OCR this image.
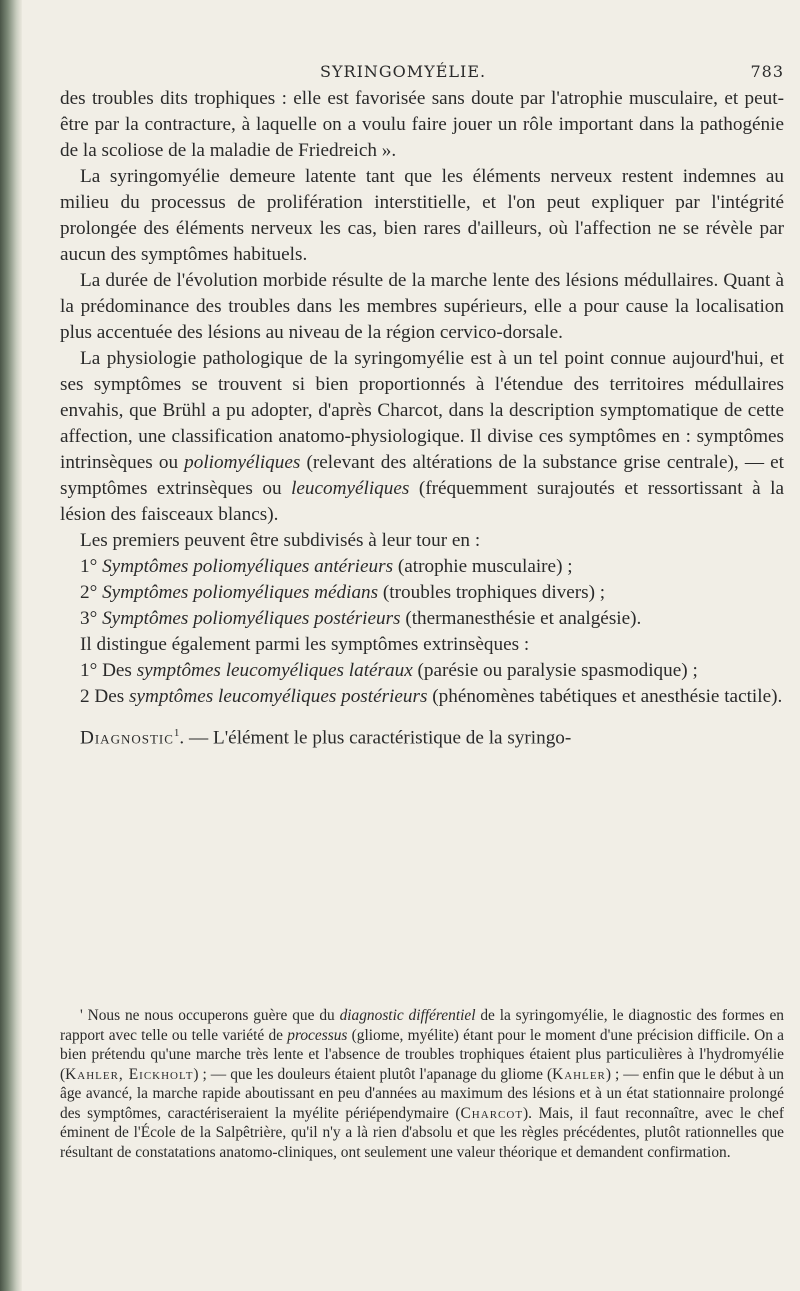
SYRINGOMYÉLIE.	783

des troubles dits trophiques : elle est favorisée sans doute par l'atrophie musculaire, et peut-être par la contracture, à laquelle on a voulu faire jouer un rôle important dans la pathogénie de la scoliose de la maladie de Friedreich ».

La syringomyélie demeure latente tant que les éléments nerveux restent indemnes au milieu du processus de prolifération interstitielle, et l'on peut expliquer par l'intégrité prolongée des éléments nerveux les cas, bien rares d'ailleurs, où l'affection ne se révèle par aucun des symptômes habituels.

La durée de l'évolution morbide résulte de la marche lente des lésions médullaires. Quant à la prédominance des troubles dans les membres supérieurs, elle a pour cause la localisation plus accentuée des lésions au niveau de la région cervico-dorsale.

La physiologie pathologique de la syringomyélie est à un tel point connue aujourd'hui, et ses symptômes se trouvent si bien proportionnés à l'étendue des territoires médullaires envahis, que Brühl a pu adopter, d'après Charcot, dans la description symptomatique de cette affection, une classification anatomo-physiologique. Il divise ces symptômes en : symptômes intrinsèques ou poliomyéliques (relevant des altérations de la substance grise centrale), — et symptômes extrinsèques ou leucomyéliques (fréquemment surajoutés et ressortissant à la lésion des faisceaux blancs).

Les premiers peuvent être subdivisés à leur tour en :

1° Symptômes poliomyéliques antérieurs (atrophie musculaire) ;

2° Symptômes poliomyéliques médians (troubles trophiques divers) ;

3° Symptômes poliomyéliques postérieurs (thermanesthésie et analgésie).

Il distingue également parmi les symptômes extrinsèques :

1° Des symptômes leucomyéliques latéraux (parésie ou paralysie spasmodique) ;

2 Des symptômes leucomyéliques postérieurs (phénomènes tabétiques et anesthésie tactile).

Diagnostic$^1$. — L'élément le plus caractéristique de la syringo-

' Nous ne nous occuperons guère que du diagnostic différentiel de la syringomyélie, le diagnostic des formes en rapport avec telle ou telle variété de processus (gliome, myélite) étant pour le moment d'une précision difficile. On a bien prétendu qu'une marche très lente et l'absence de troubles trophiques étaient plus particulières à l'hydromyélie (Kahler, Eickholt) ; — que les douleurs étaient plutôt l'apanage du gliome (Kahler) ; — enfin que le début à un âge avancé, la marche rapide aboutissant en peu d'années au maximum des lésions et à un état stationnaire prolongé des symptômes, caractériseraient la myélite périépendymaire (Charcot). Mais, il faut reconnaître, avec le chef éminent de l'École de la Salpêtrière, qu'il n'y a là rien d'absolu et que les règles précédentes, plutôt rationnelles que résultant de constatations anatomo-cliniques, ont seulement une valeur théorique et demandent confirmation.
